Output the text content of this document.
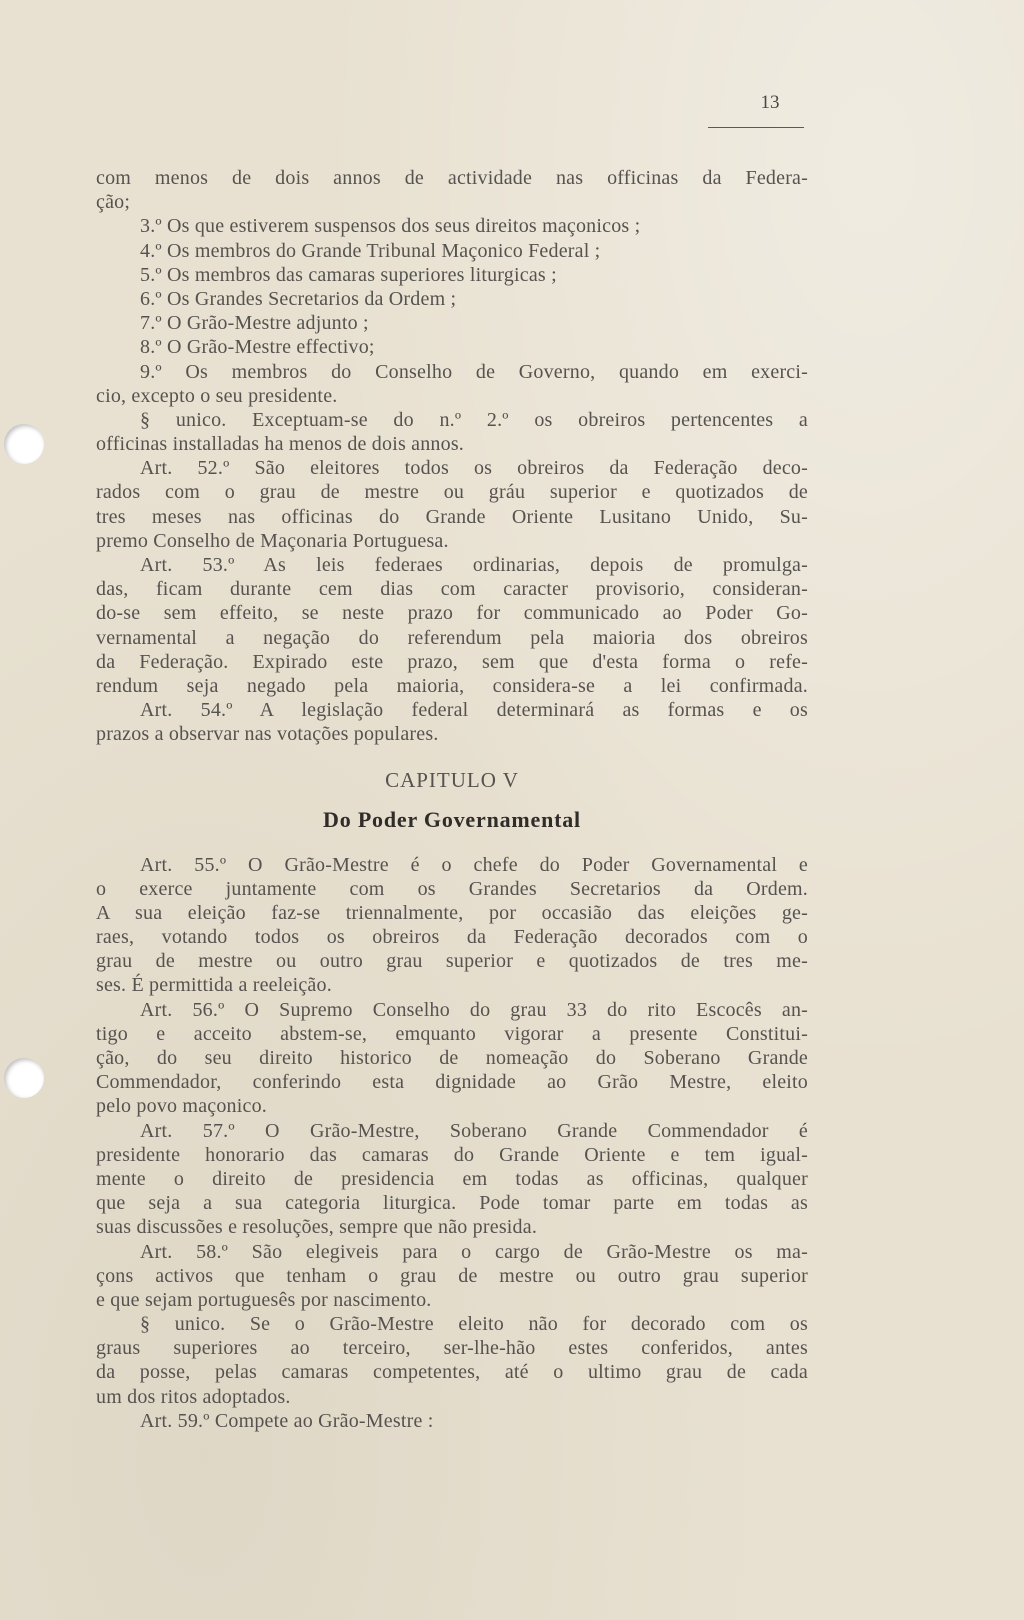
13
com menos de dois annos de actividade nas officinas da Federa-
ção;
3.º Os que estiverem suspensos dos seus direitos maçonicos ;
4.º Os membros do Grande Tribunal Maçonico Federal ;
5.º Os membros das camaras superiores liturgicas ;
6.º Os Grandes Secretarios da Ordem ;
7.º O Grão-Mestre adjunto ;
8.º O Grão-Mestre effectivo;
9.º Os membros do Conselho de Governo, quando em exerci-
cio, excepto o seu presidente.
§ unico. Exceptuam-se do n.º 2.º os obreiros pertencentes a
officinas installadas ha menos de dois annos.
Art. 52.º São eleitores todos os obreiros da Federação deco-
rados com o grau de mestre ou gráu superior e quotizados de
tres meses nas officinas do Grande Oriente Lusitano Unido, Su-
premo Conselho de Maçonaria Portuguesa.
Art. 53.º As leis federaes ordinarias, depois de promulga-
das, ficam durante cem dias com caracter provisorio, consideran-
do-se sem effeito, se neste prazo for communicado ao Poder Go-
vernamental a negação do referendum pela maioria dos obreiros
da Federação. Expirado este prazo, sem que d'esta forma o refe-
rendum seja negado pela maioria, considera-se a lei confirmada.
Art. 54.º A legislação federal determinará as formas e os
prazos a observar nas votações populares.
CAPITULO V
Do Poder Governamental
Art. 55.º O Grão-Mestre é o chefe do Poder Governamental e
o exerce juntamente com os Grandes Secretarios da Ordem.
A sua eleição faz-se triennalmente, por occasião das eleições ge-
raes, votando todos os obreiros da Federação decorados com o
grau de mestre ou outro grau superior e quotizados de tres me-
ses. É permittida a reeleição.
Art. 56.º O Supremo Conselho do grau 33 do rito Escocês an-
tigo e acceito abstem-se, emquanto vigorar a presente Constitui-
ção, do seu direito historico de nomeação do Soberano Grande
Commendador, conferindo esta dignidade ao Grão Mestre, eleito
pelo povo maçonico.
Art. 57.º O Grão-Mestre, Soberano Grande Commendador é
presidente honorario das camaras do Grande Oriente e tem igual-
mente o direito de presidencia em todas as officinas, qualquer
que seja a sua categoria liturgica. Pode tomar parte em todas as
suas discussões e resoluções, sempre que não presida.
Art. 58.º São elegiveis para o cargo de Grão-Mestre os ma-
çons activos que tenham o grau de mestre ou outro grau superior
e que sejam portuguesês por nascimento.
§ unico. Se o Grão-Mestre eleito não for decorado com os
graus superiores ao terceiro, ser-lhe-hão estes conferidos, antes
da posse, pelas camaras competentes, até o ultimo grau de cada
um dos ritos adoptados.
Art. 59.º Compete ao Grão-Mestre :
